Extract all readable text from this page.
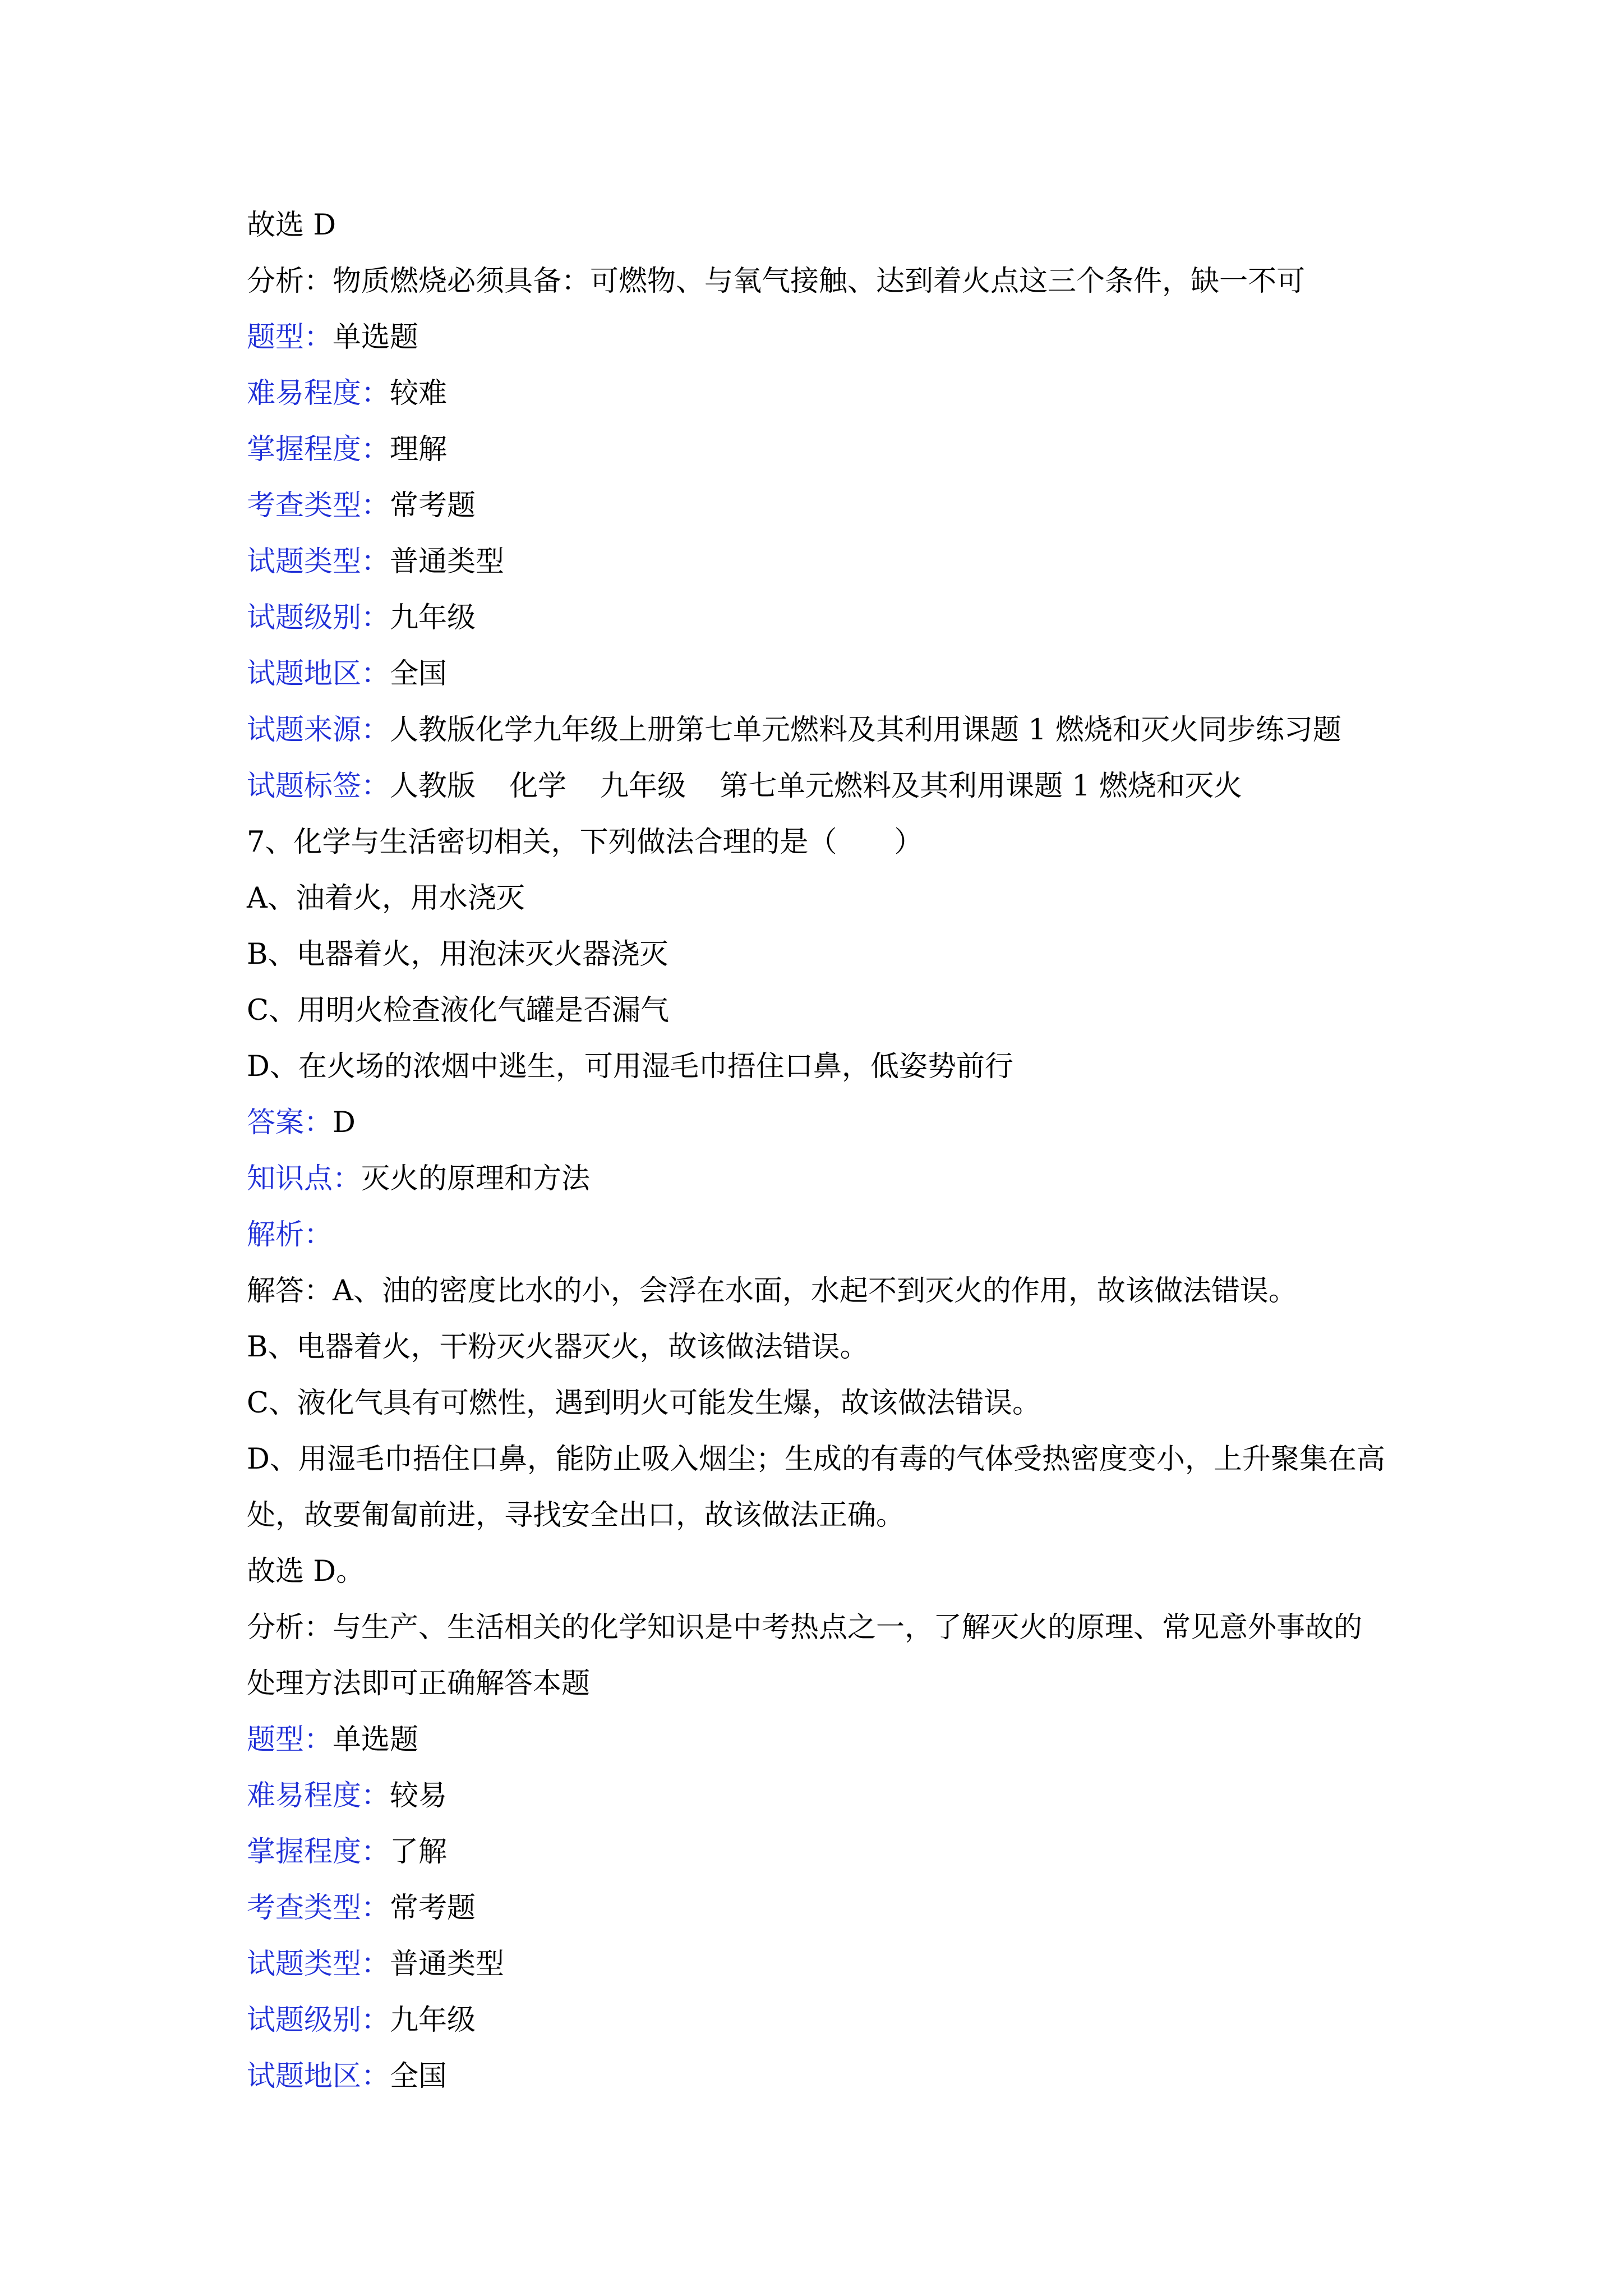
故选 D

分析：物质燃烧必须具备：可燃物、与氧气接触、达到着火点这三个条件，缺一不可

题型：单选题

难易程度：较难

掌握程度：理解

考查类型：常考题

试题类型：普通类型

试题级别：九年级

试题地区：全国

试题来源：人教版化学九年级上册第七单元燃料及其利用课题 1 燃烧和灭火同步练习题

试题标签：人教版 化学 九年级 第七单元燃料及其利用课题 1 燃烧和灭火

7、化学与生活密切相关，下列做法合理的是（　　）

A、油着火，用水浇灭

B、电器着火，用泡沫灭火器浇灭

C、用明火检查液化气罐是否漏气

D、在火场的浓烟中逃生，可用湿毛巾捂住口鼻，低姿势前行

答案：D

知识点：灭火的原理和方法

解析：

解答：A、油的密度比水的小，会浮在水面，水起不到灭火的作用，故该做法错误。

B、电器着火，干粉灭火器灭火，故该做法错误。

C、液化气具有可燃性，遇到明火可能发生爆，故该做法错误。

D、用湿毛巾捂住口鼻，能防止吸入烟尘；生成的有毒的气体受热密度变小，上升聚集在高处，故要匍匐前进，寻找安全出口，故该做法正确。

故选 D。

分析：与生产、生活相关的化学知识是中考热点之一，了解灭火的原理、常见意外事故的处理方法即可正确解答本题

题型：单选题

难易程度：较易

掌握程度：了解

考查类型：常考题

试题类型：普通类型

试题级别：九年级

试题地区：全国
